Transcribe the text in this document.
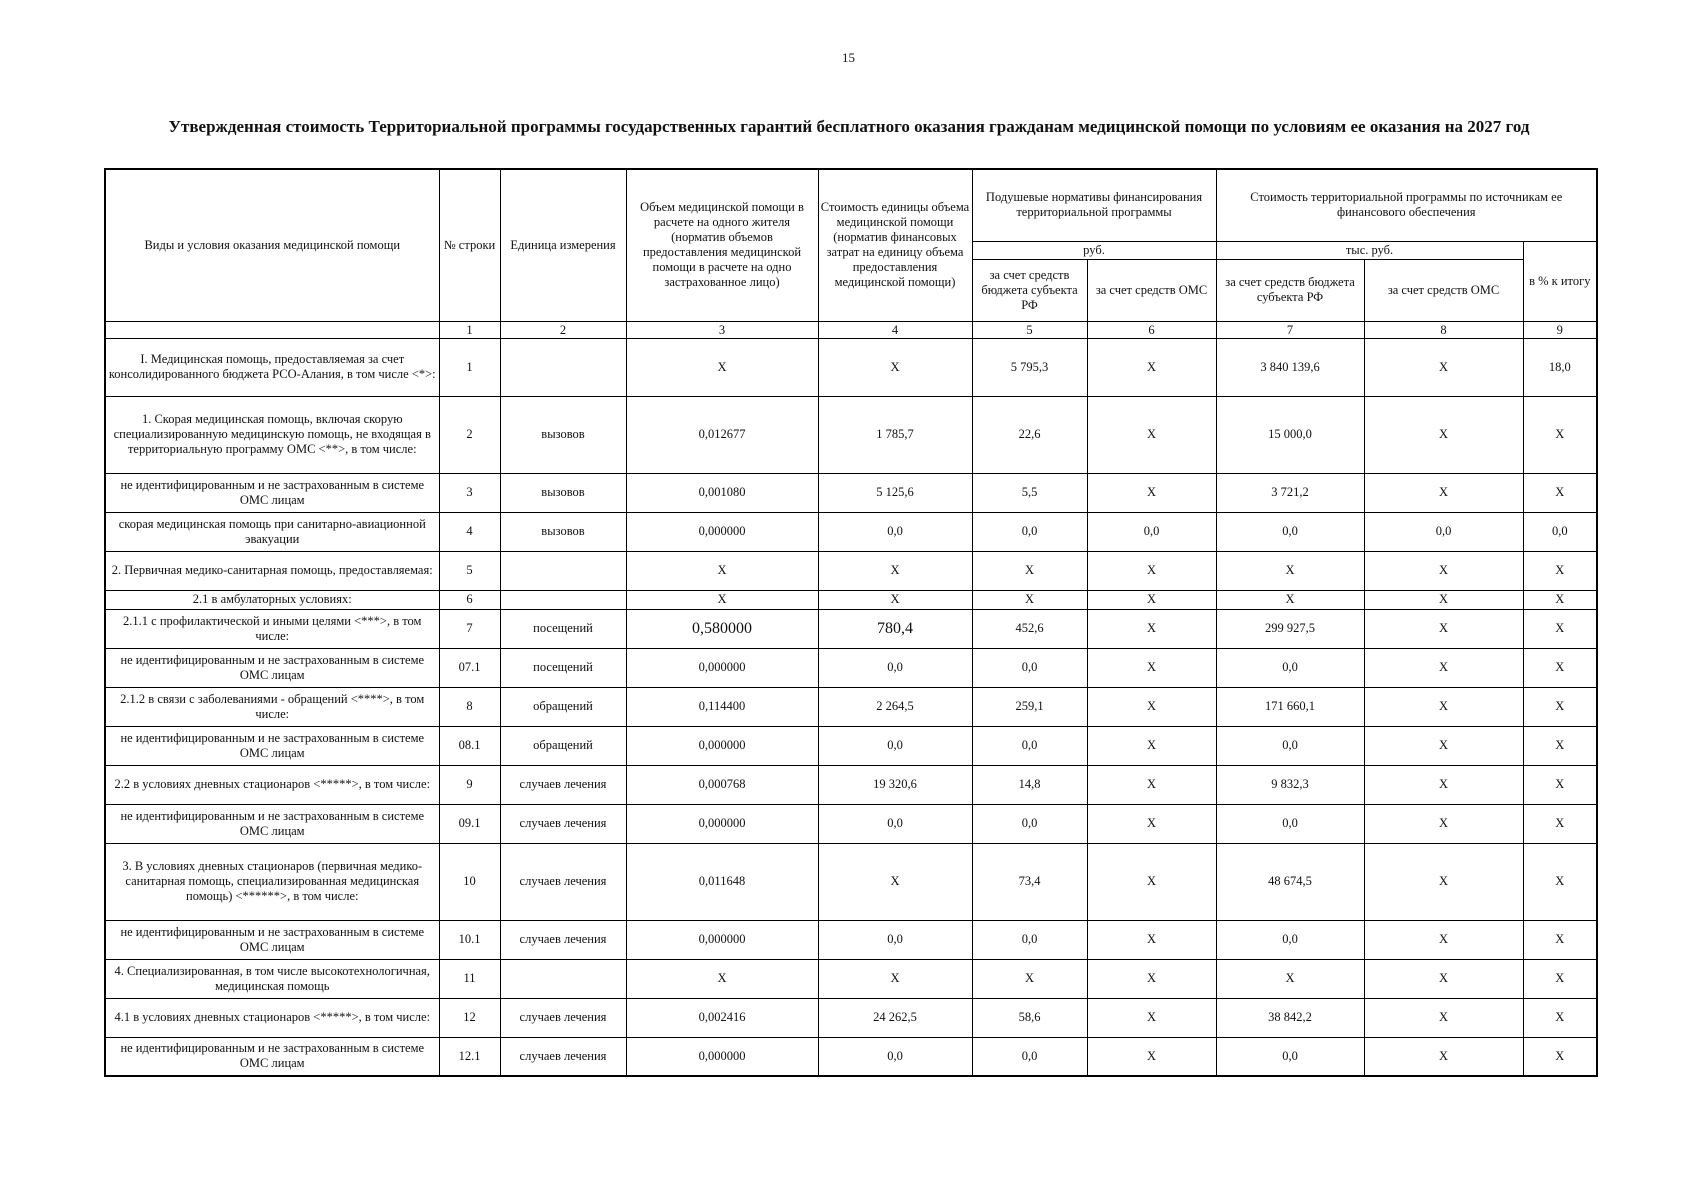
15
Утвержденная стоимость Территориальной программы государственных гарантий бесплатного оказания гражданам медицинской помощи по условиям ее оказания на 2027 год
Виды и условия оказания медицинской помощи	№ строки	Единица измерения	Объем медицинской помощи в расчете на одного жителя (норматив объемов предоставления медицинской помощи в расчете на одно застрахованное лицо)	Стоимость единицы объема медицинской помощи (норматив финансовых затрат на единицу объема предоставления медицинской помощи)	Подушевые нормативы финансирования территориальной программы		Стоимость территориальной программы по источникам ее финансового обеспечения		
					руб.		тыс. руб.		в % к итогу
					за счет средств бюджета субъекта РФ	за счет средств ОМС	за счет средств бюджета субъекта РФ	за счет средств ОМС	
	1	2	3	4	5	6	7	8	9
I. Медицинская помощь, предоставляемая за счет консолидированного бюджета РСО-Алания, в том числе <*>:	1		X	X	5 795,3	X	3 840 139,6	X	18,0
1. Скорая медицинская помощь, включая скорую специализированную медицинскую помощь, не входящая в территориальную программу ОМС <**>, в том числе:	2	вызовов	0,012677	1 785,7	22,6	X	15 000,0	X	X
не идентифицированным и не застрахованным в системе ОМС лицам	3	вызовов	0,001080	5 125,6	5,5	X	3 721,2	X	X
скорая медицинская помощь при санитарно-авиационной эвакуации	4	вызовов	0,000000	0,0	0,0	0,0	0,0	0,0	0,0
2. Первичная медико-санитарная помощь, предоставляемая:	5		X	X	X	X	X	X	X
2.1 в амбулаторных условиях:	6		X	X	X	X	X	X	X
2.1.1 с профилактической и иными целями <***>, в том числе:	7	посещений	0,580000	780,4	452,6	X	299 927,5	X	X
не идентифицированным и не застрахованным в системе ОМС лицам	07.1	посещений	0,000000	0,0	0,0	X	0,0	X	X
2.1.2 в связи с заболеваниями - обращений <****>, в том числе:	8	обращений	0,114400	2 264,5	259,1	X	171 660,1	X	X
не идентифицированным и не застрахованным в системе ОМС лицам	08.1	обращений	0,000000	0,0	0,0	X	0,0	X	X
2.2 в условиях дневных стационаров <*****>, в том числе:	9	случаев лечения	0,000768	19 320,6	14,8	X	9 832,3	X	X
не идентифицированным и не застрахованным в системе ОМС лицам	09.1	случаев лечения	0,000000	0,0	0,0	X	0,0	X	X
3. В условиях дневных стационаров (первичная медико-санитарная помощь, специализированная медицинская помощь) <******>, в том числе:	10	случаев лечения	0,011648	X	73,4	X	48 674,5	X	X
не идентифицированным и не застрахованным в системе ОМС лицам	10.1	случаев лечения	0,000000	0,0	0,0	X	0,0	X	X
4. Специализированная, в том числе высокотехнологичная, медицинская помощь	11		X	X	X	X	X	X	X
4.1 в условиях дневных стационаров <*****>, в том числе:	12	случаев лечения	0,002416	24 262,5	58,6	X	38 842,2	X	X
не идентифицированным и не застрахованным в системе ОМС лицам	12.1	случаев лечения	0,000000	0,0	0,0	X	0,0	X	X
